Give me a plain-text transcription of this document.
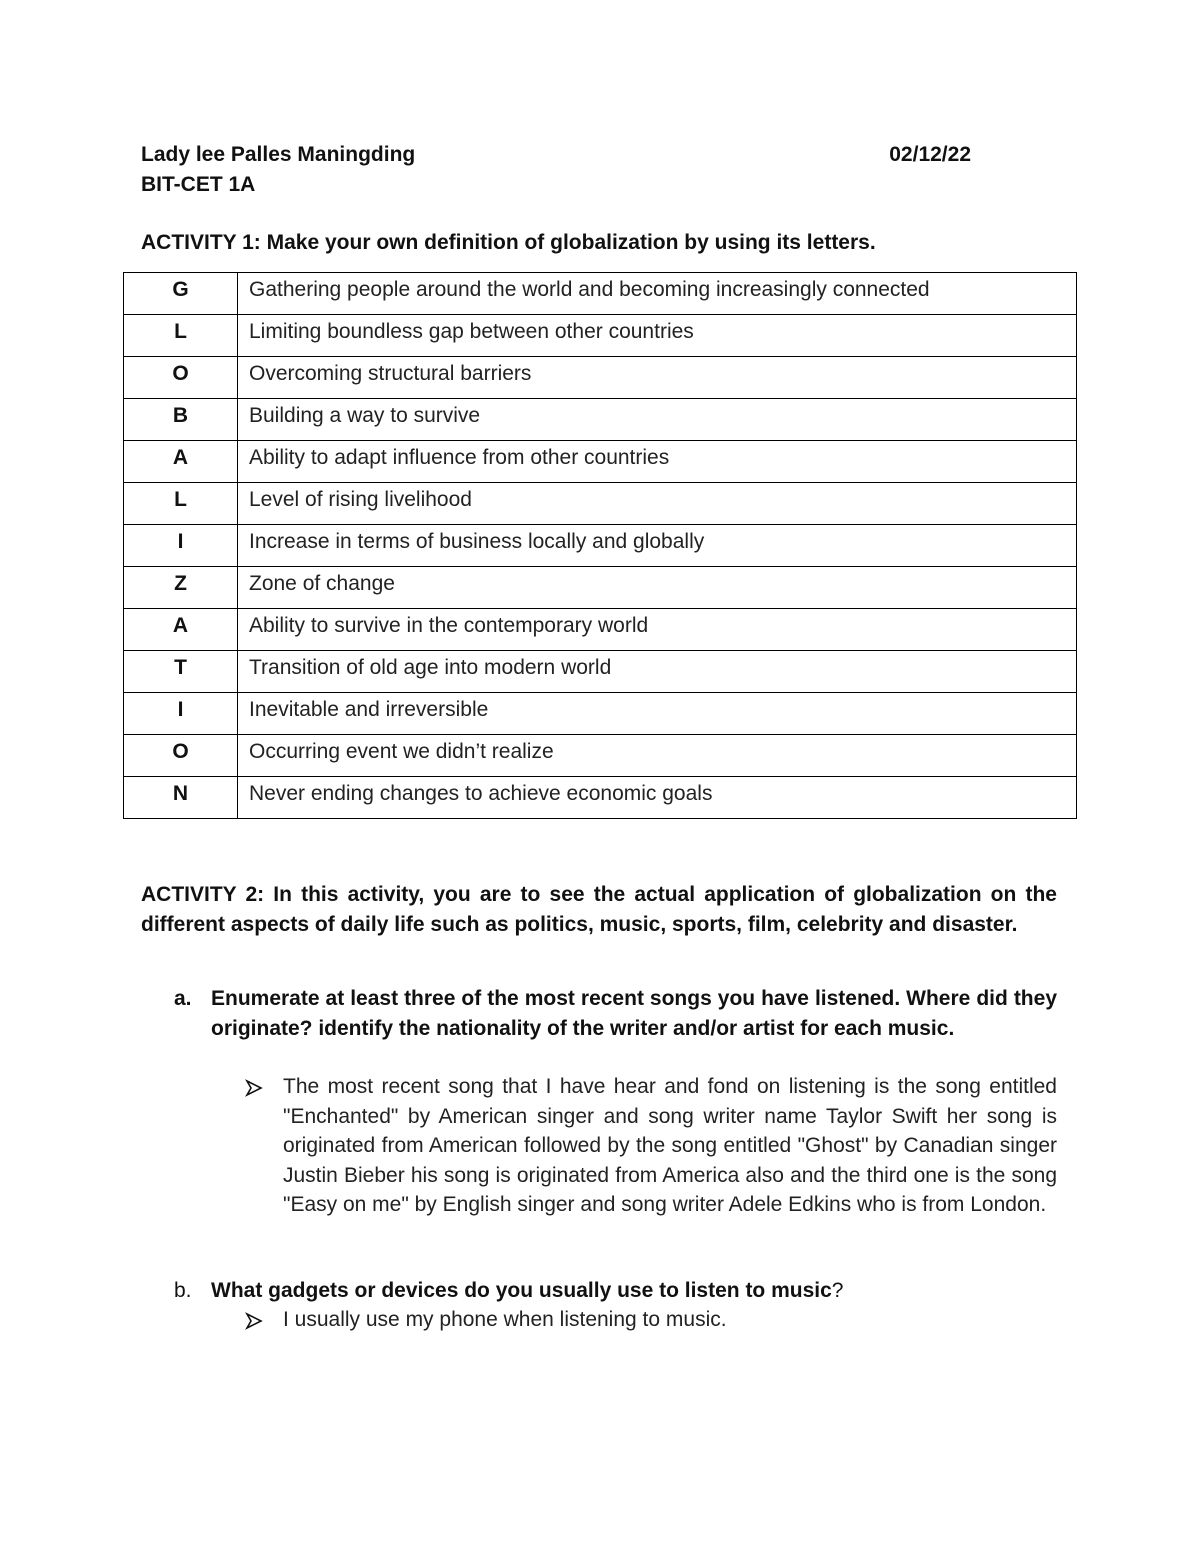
Lady lee Palles Maningding	02/12/22
BIT-CET 1A
ACTIVITY 1: Make your own definition of globalization by using its letters.
G	Gathering people around the world and becoming increasingly connected
L	Limiting boundless gap between other countries
O	Overcoming structural barriers
B	Building a way to survive
A	Ability to adapt influence from other countries
L	Level of rising livelihood
I	Increase in terms of business locally and globally
Z	Zone of change
A	Ability to survive in the contemporary world
T	Transition of old age into modern world
I	Inevitable and irreversible
O	Occurring event we didn’t realize
N	Never ending changes to achieve economic goals
ACTIVITY 2: In this activity, you are to see the actual application of globalization on the different aspects of daily life such as politics, music, sports, film, celebrity and disaster.
a. Enumerate at least three of the most recent songs you have listened. Where did they originate? identify the nationality of the writer and/or artist for each music.
The most recent song that I have hear and fond on listening is the song entitled "Enchanted" by American singer and song writer name Taylor Swift her song is originated from American followed by the song entitled "Ghost" by Canadian singer Justin Bieber his song is originated from America also and the third one is the song "Easy on me" by English singer and song writer Adele Edkins who is from London.
b. What gadgets or devices do you usually use to listen to music?
I usually use my phone when listening to music.
